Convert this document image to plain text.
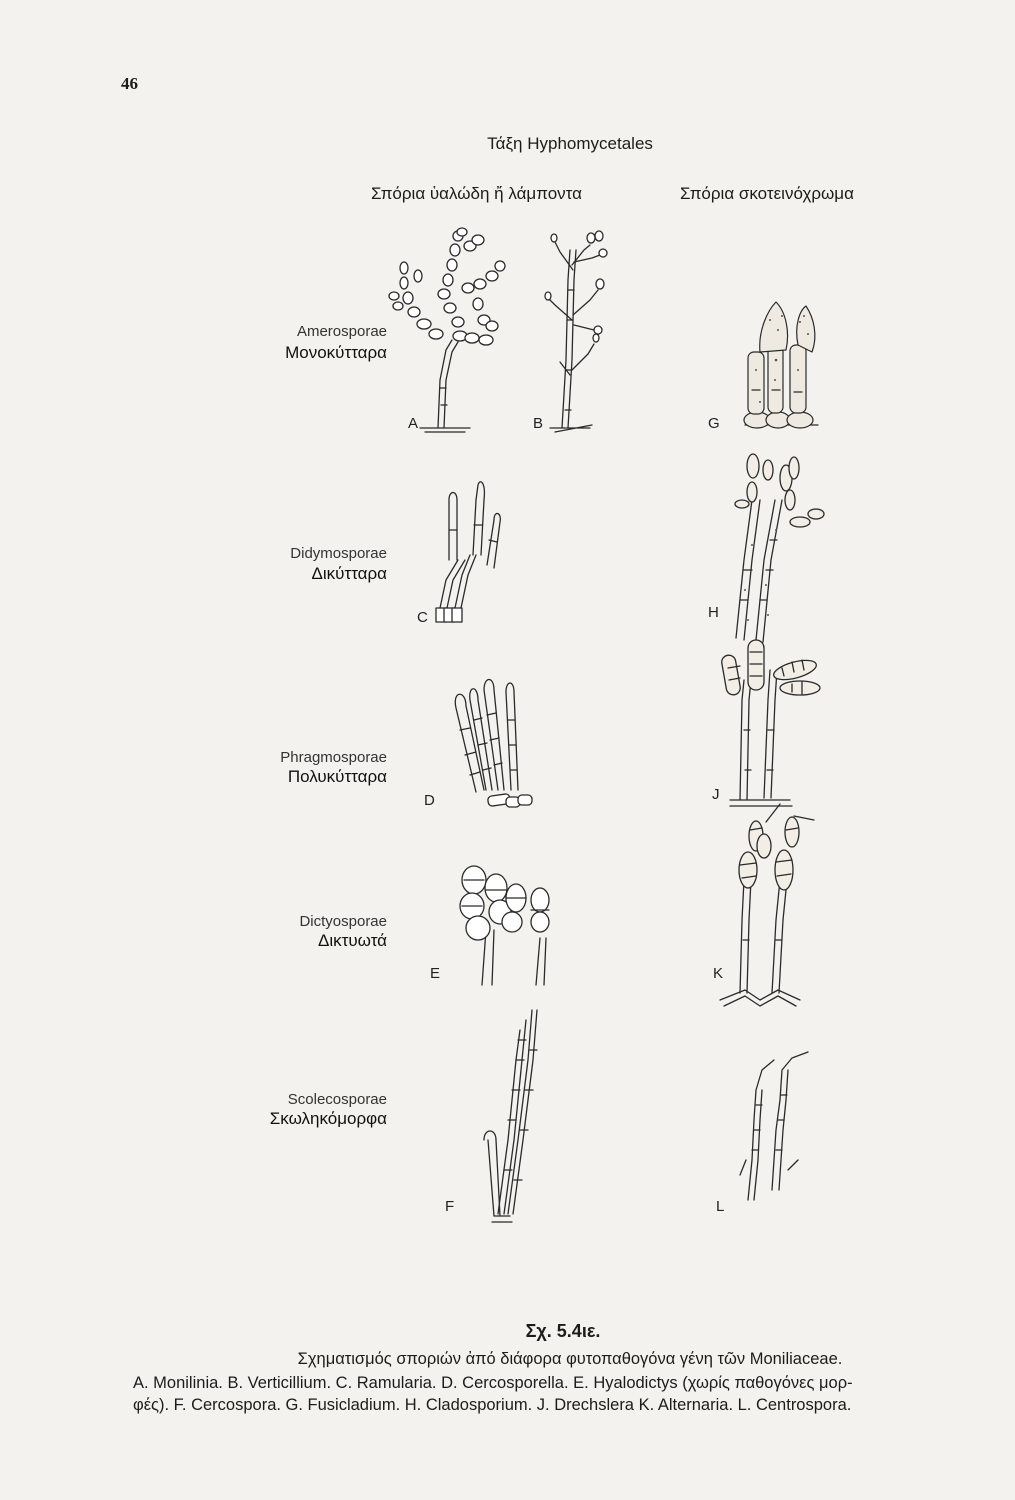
46
Τάξη Hyphomycetales
Σπόρια ὑαλώδη ἤ λάμποντα	Σπόρια σκοτεινόχρωμα
Amerosporae
Μονοκύτταρα
Didymosporae
Δικύτταρα
Phragmosporae
Πολυκύτταρα
Dictyosporae
Δικτυωτά
Scolecosporae
Σκωληκόμορφα
A	B	G
C	H
D	J
E	K
F	L
Σχ. 5.4ιε.
Σχηματισμός σποριών ἀπό διάφορα φυτοπαθογόνα γένη τῶν Moniliaceae.
A. Monilinia. B. Verticillium. C. Ramularia. D. Cercosporella. E. Hyalodictys (χωρίς παθογόνες μορ-
φές). F. Cercospora. G. Fusicladium. H. Cladosporium. J. Drechslera K. Alternaria. L. Centrospora.
